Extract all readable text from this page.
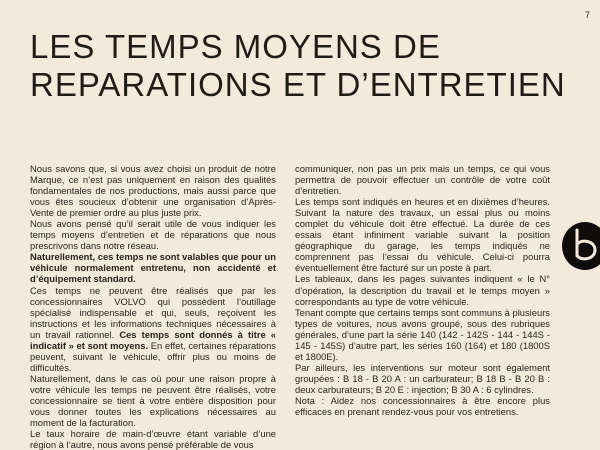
7
LES TEMPS MOYENS DE
REPARATIONS ET D’ENTRETIEN

Nous savons que, si vous avez choisi un produit de notre Marque, ce n’est pas uniquement en raison des qualités fondamentales de nos productions, mais aussi parce que vous êtes soucieux d’obtenir une organisation d’Après-Vente de premier ordre au plus juste prix.

Nous avons pensé qu’il serait utile de vous indiquer les temps moyens d’entretien et de réparations que nous prescrivons dans notre réseau.

Naturellement, ces temps ne sont valables que pour un véhicule normalement entretenu, non accidenté et d’équipement standard.

Ces temps ne peuvent être réalisés que par les concessionnaires VOLVO qui possèdent l’outillage spécialisé indispensable et qui, seuls, reçoivent les instructions et les informations techniques nécessaires à un travail rationnel. Ces temps sont donnés à titre « indicatif » et sont moyens. En effet, certaines réparations peuvent, suivant le véhicule, offrir plus ou moins de difficultés.

Naturellement, dans le cas où pour une raison propre à votre véhicule les temps ne peuvent être réalisés, votre concessionnaire se tient à votre entière disposition pour vous donner toutes les explications nécessaires au moment de la facturation.

Le taux horaire de main-d’œuvre étant variable d’une région à l’autre, nous avons pensé préférable de vous

communiquer, non pas un prix mais un temps, ce qui vous permettra de pouvoir effectuer un contrôle de votre coût d’entretien.

Les temps sont indiqués en heures et en dixièmes d’heures. Suivant la nature des travaux, un essai plus ou moins complet du véhicule doit être effectué. La durée de ces essais étant infiniment variable suivant la position géographique du garage, les temps indiqués ne comprennent pas l’essai du véhicule. Celui-ci pourra éventuellement être facturé sur un poste à part.

Les tableaux, dans les pages suivantes indiquent « le N° d’opération, la description du travail et le temps moyen » correspondants au type de votre véhicule.

Tenant compte que certains temps sont communs à plusieurs types de voitures, nous avons groupé, sous des rubriques générales, d’une part la série 140 (142 - 142S - 144 - 144S - 145 - 145S) d’autre part, les séries 160 (164) et 180 (1800S et 1800E).

Par ailleurs, les interventions sur moteur sont également groupées : B 18 - B 20 A : un carburateur; B 18 B - B 20 B : deux carburateurs; B 20 E : injection; B 30 A : 6 cylindres.

Nota : Aidez nos concessionnaires à être encore plus efficaces en prenant rendez-vous pour vos entretiens.
